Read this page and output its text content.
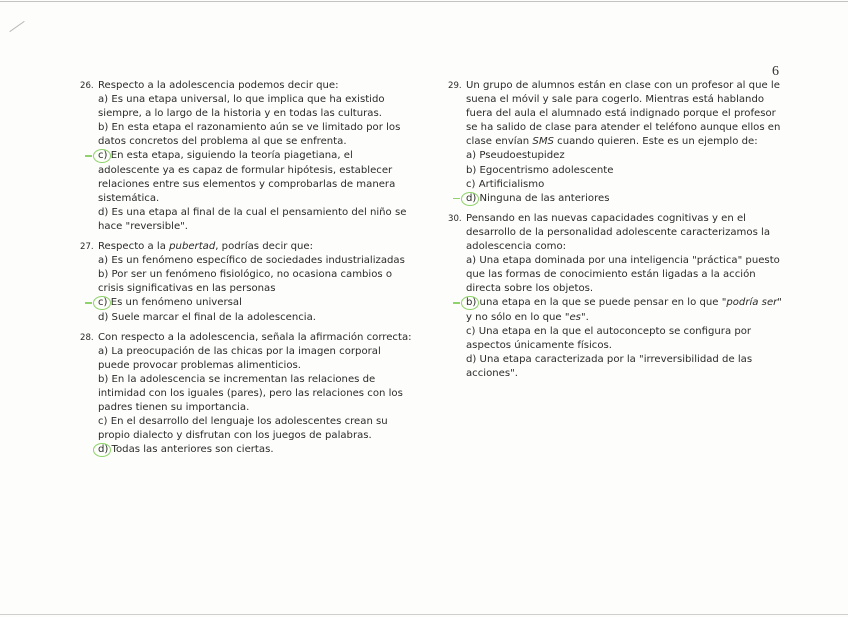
6
26. Respecto a la adolescencia podemos decir que:
a) Es una etapa universal, lo que implica que ha existido siempre, a lo largo de la historia y en todas las culturas.
b) En esta etapa el razonamiento aún se ve limitado por los datos concretos del problema al que se enfrenta.
c) En esta etapa, siguiendo la teoría piagetiana, el adolescente ya es capaz de formular hipótesis, establecer relaciones entre sus elementos y comprobarlas de manera sistemática.
d) Es una etapa al final de la cual el pensamiento del niño se hace "reversible".
27. Respecto a la pubertad, podrías decir que:
a) Es un fenómeno específico de sociedades industrializadas
b) Por ser un fenómeno fisiológico, no ocasiona cambios o crisis significativas en las personas
c) Es un fenómeno universal
d) Suele marcar el final de la adolescencia.
28. Con respecto a la adolescencia, señala la afirmación correcta:
a) La preocupación de las chicas por la imagen corporal puede provocar problemas alimenticios.
b) En la adolescencia se incrementan las relaciones de intimidad con los iguales (pares), pero las relaciones con los padres tienen su importancia.
c) En el desarrollo del lenguaje los adolescentes crean su propio dialecto y disfrutan con los juegos de palabras.
d) Todas las anteriores son ciertas.
29. Un grupo de alumnos están en clase con un profesor al que le suena el móvil y sale para cogerlo. Mientras está hablando fuera del aula el alumnado está indignado porque el profesor se ha salido de clase para atender el teléfono aunque ellos en clase envían SMS cuando quieren. Este es un ejemplo de:
a) Pseudoestupidez
b) Egocentrismo adolescente
c) Artificialismo
d) Ninguna de las anteriores
30. Pensando en las nuevas capacidades cognitivas y en el desarrollo de la personalidad adolescente caracterizamos la adolescencia como:
a) Una etapa dominada por una inteligencia "práctica" puesto que las formas de conocimiento están ligadas a la acción directa sobre los objetos.
b) una etapa en la que se puede pensar en lo que "podría ser" y no sólo en lo que "es".
c) Una etapa en la que el autoconcepto se configura por aspectos únicamente físicos.
d) Una etapa caracterizada por la "irreversibilidad de las acciones".
